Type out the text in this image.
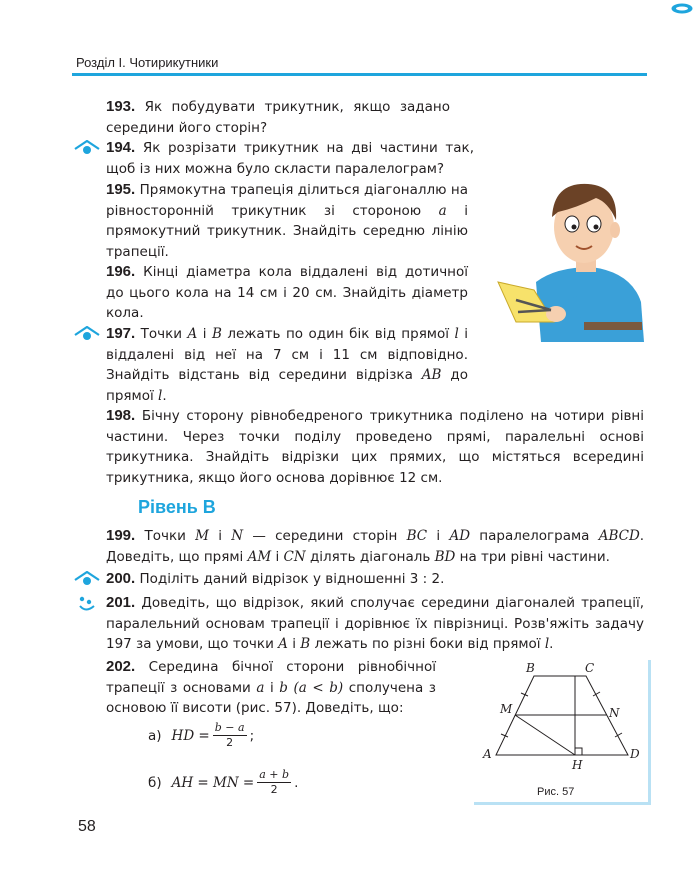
Розділ І. Чотирикутники
193. Як побудувати трикутник, якщо задано середини його сторін?
194. Як розрізати трикутник на дві частини так, щоб із них можна було скласти паралелограм?
195. Прямокутна трапеція ділиться діагоналлю на рівносторонній трикутник зі стороною a і прямокутний трикутник. Знайдіть середню лінію трапеції.
196. Кінці діаметра кола віддалені від дотичної до цього кола на 14 см і 20 см. Знайдіть діаметр кола.
197. Точки A і B лежать по один бік від прямої l і віддалені від неї на 7 см і 11 см відповідно. Знайдіть відстань від середини відрізка AB до прямої l.
198. Бічну сторону рівнобедреного трикутника поділено на чотири рівні частини. Через точки поділу проведено прямі, паралельні основі трикутника. Знайдіть відрізки цих прямих, що містяться всередині трикутника, якщо його основа дорівнює 12 см.
Рівень В
199. Точки M і N — середини сторін BC і AD паралелограма ABCD. Доведіть, що прямі AM і CN ділять діагональ BD на три рівні частини.
200. Поділіть даний відрізок у відношенні 3 : 2.
201. Доведіть, що відрізок, який сполучає середини діагоналей трапеції, паралельний основам трапеції і дорівнює їх піврізниці. Розв'яжіть задачу 197 за умови, що точки A і B лежать по різні боки від прямої l.
202. Середина бічної сторони рівнобічної трапеції з основами a і b (a < b) сполучена з основою її висоти (рис. 57). Доведіть, що:
а) HD = $\frac{b - a}{2}$ ;
б) AH = MN = $\frac{a + b}{2}$ .
B	C
M	N
A	D
H
Рис. 57
58
